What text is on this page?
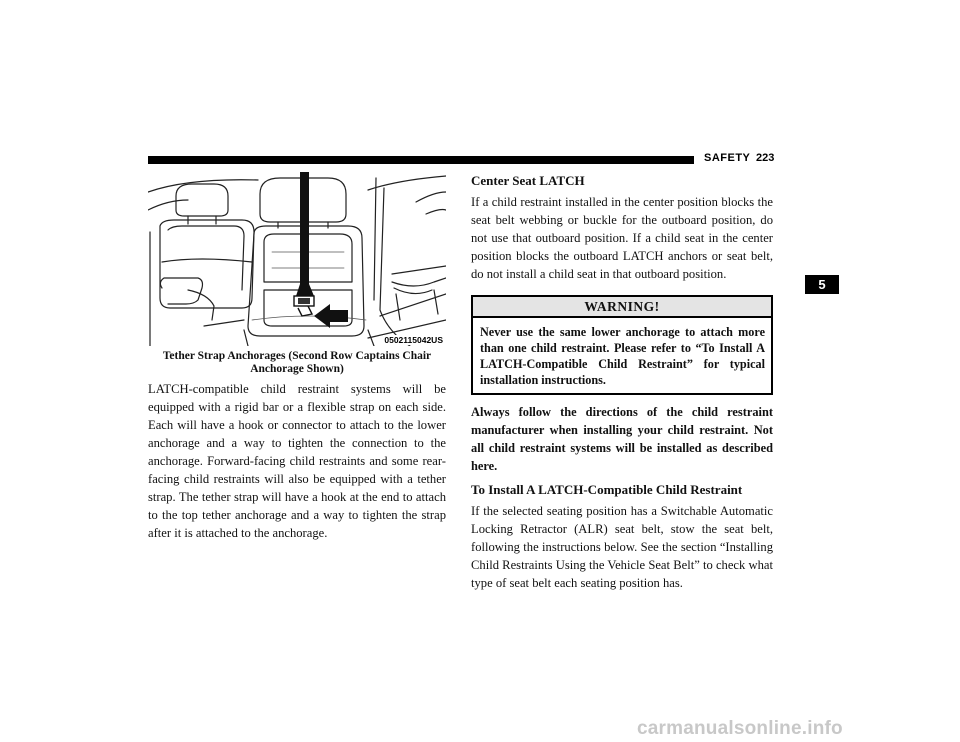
SAFETY 223
5
0502115042US
Tether Strap Anchorages (Second Row Captains Chair Anchorage Shown)

LATCH-compatible child restraint systems will be equipped with a rigid bar or a flexible strap on each side. Each will have a hook or connector to attach to the lower anchorage and a way to tighten the connection to the anchorage. Forward-facing child restraints and some rear-facing child restraints will also be equipped with a tether strap. The tether strap will have a hook at the end to attach to the top tether anchorage and a way to tighten the strap after it is attached to the anchorage.

Center Seat LATCH

If a child restraint installed in the center position blocks the seat belt webbing or buckle for the outboard position, do not use that outboard position. If a child seat in the center position blocks the outboard LATCH anchors or seat belt, do not install a child seat in that outboard position.

WARNING!
Never use the same lower anchorage to attach more than one child restraint. Please refer to “To Install A LATCH-Compatible Child Restraint” for typical installation instructions.

Always follow the directions of the child restraint manufacturer when installing your child restraint. Not all child restraint systems will be installed as described here.

To Install A LATCH-Compatible Child Restraint

If the selected seating position has a Switchable Automatic Locking Retractor (ALR) seat belt, stow the seat belt, following the instructions below. See the section “Installing Child Restraints Using the Vehicle Seat Belt” to check what type of seat belt each seating position has.

carmanualsonline.info
